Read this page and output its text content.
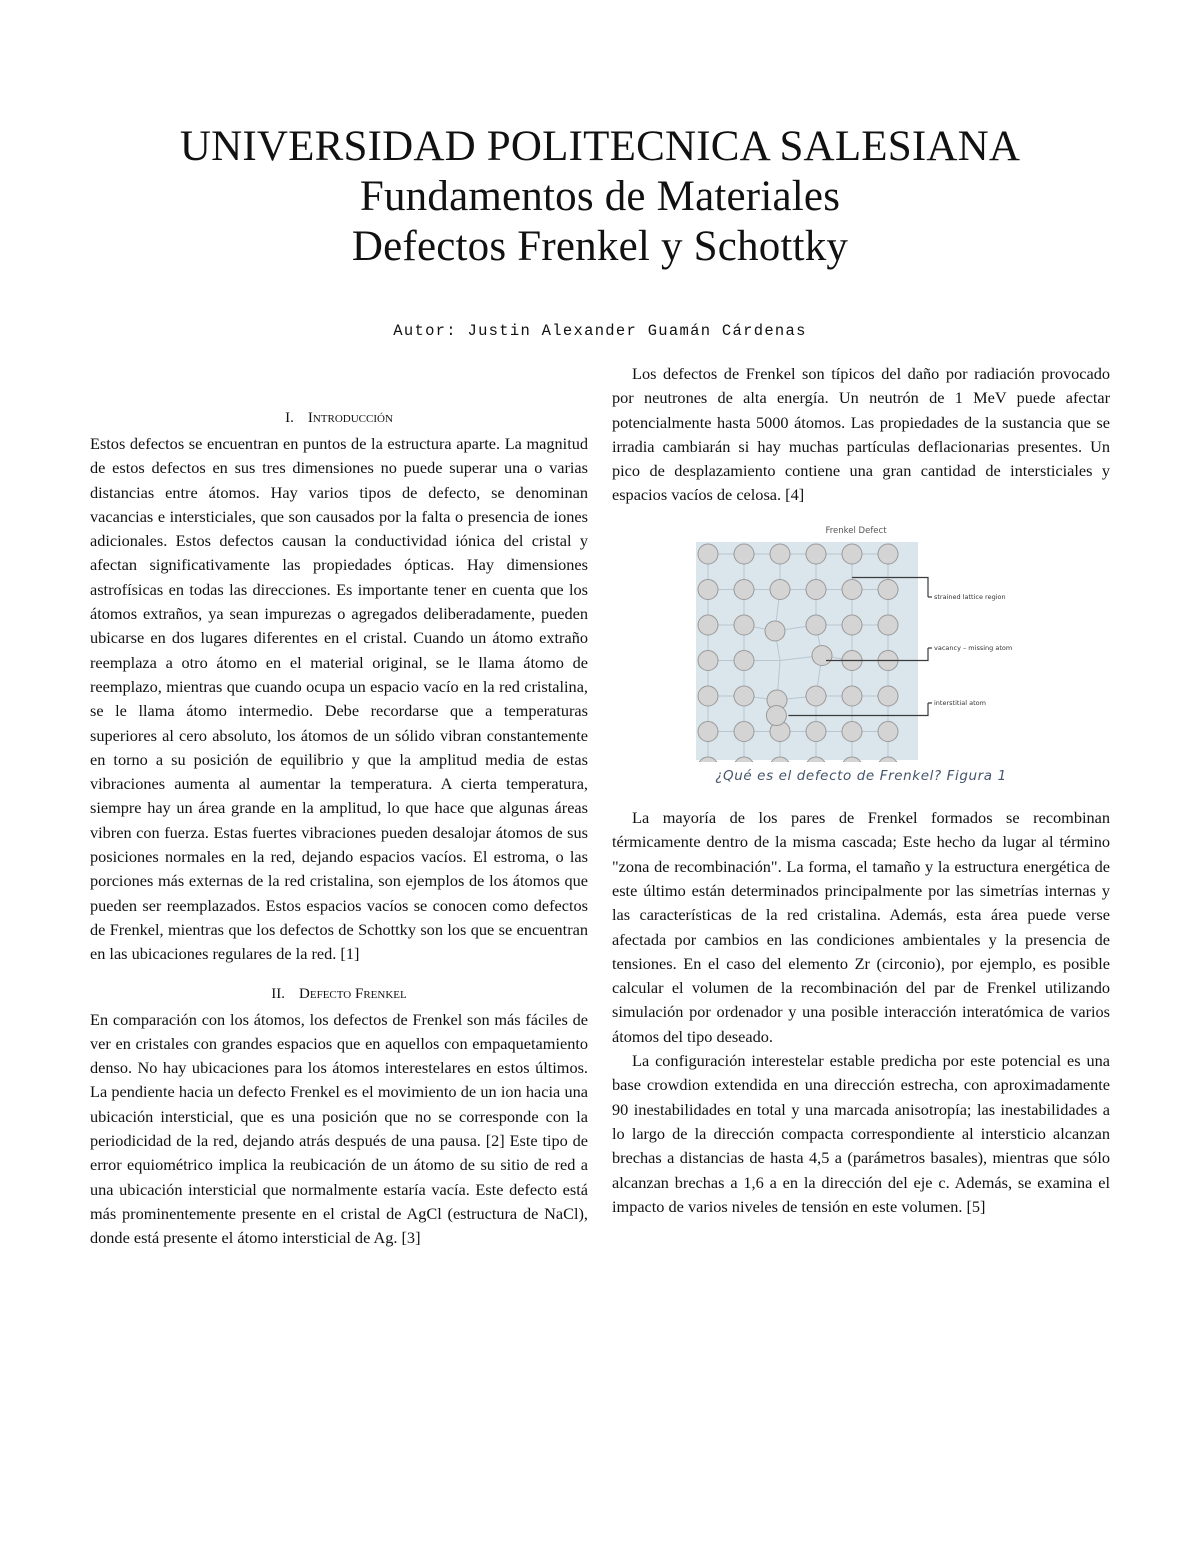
UNIVERSIDAD POLITECNICA SALESIANA
Fundamentos de Materiales
Defectos Frenkel y Schottky
Autor: Justin Alexander Guamán Cárdenas
I. Introducción

Estos defectos se encuentran en puntos de la estructura aparte. La magnitud de estos defectos en sus tres dimensiones no puede superar una o varias distancias entre átomos. Hay varios tipos de defecto, se denominan vacancias e intersticiales, que son causados por la falta o presencia de iones adicionales. Estos defectos causan la conductividad iónica del cristal y afectan significativamente las propiedades ópticas. Hay dimensiones astrofísicas en todas las direcciones. Es importante tener en cuenta que los átomos extraños, ya sean impurezas o agregados deliberadamente, pueden ubicarse en dos lugares diferentes en el cristal. Cuando un átomo extraño reemplaza a otro átomo en el material original, se le llama átomo de reemplazo, mientras que cuando ocupa un espacio vacío en la red cristalina, se le llama átomo intermedio. Debe recordarse que a temperaturas superiores al cero absoluto, los átomos de un sólido vibran constantemente en torno a su posición de equilibrio y que la amplitud media de estas vibraciones aumenta al aumentar la temperatura. A cierta temperatura, siempre hay un área grande en la amplitud, lo que hace que algunas áreas vibren con fuerza. Estas fuertes vibraciones pueden desalojar átomos de sus posiciones normales en la red, dejando espacios vacíos. El estroma, o las porciones más externas de la red cristalina, son ejemplos de los átomos que pueden ser reemplazados. Estos espacios vacíos se conocen como defectos de Frenkel, mientras que los defectos de Schottky son los que se encuentran en las ubicaciones regulares de la red. [1]

II. Defecto Frenkel

En comparación con los átomos, los defectos de Frenkel son más fáciles de ver en cristales con grandes espacios que en aquellos con empaquetamiento denso. No hay ubicaciones para los átomos interestelares en estos últimos. La pendiente hacia un defecto Frenkel es el movimiento de un ion hacia una ubicación intersticial, que es una posición que no se corresponde con la periodicidad de la red, dejando atrás después de una pausa. [2] Este tipo de error equiométrico implica la reubicación de un átomo de su sitio de red a una ubicación intersticial que normalmente estaría vacía. Este defecto está más prominentemente presente en el cristal de AgCl (estructura de NaCl), donde está presente el átomo intersticial de Ag. [3]

Los defectos de Frenkel son típicos del daño por radiación provocado por neutrones de alta energía. Un neutrón de 1 MeV puede afectar potencialmente hasta 5000 átomos. Las propiedades de la sustancia que se irradia cambiarán si hay muchas partículas deflacionarias presentes. Un pico de desplazamiento contiene una gran cantidad de intersticiales y espacios vacíos de celosa. [4]

Frenkel Defect
strained lattice region
vacancy – missing atom
interstitial atom
¿Qué es el defecto de Frenkel? Figura 1

La mayoría de los pares de Frenkel formados se recombinan térmicamente dentro de la misma cascada; Este hecho da lugar al término "zona de recombinación". La forma, el tamaño y la estructura energética de este último están determinados principalmente por las simetrías internas y las características de la red cristalina. Además, esta área puede verse afectada por cambios en las condiciones ambientales y la presencia de tensiones. En el caso del elemento Zr (circonio), por ejemplo, es posible calcular el volumen de la recombinación del par de Frenkel utilizando simulación por ordenador y una posible interacción interatómica de varios átomos del tipo deseado.

La configuración interestelar estable predicha por este potencial es una base crowdion extendida en una dirección estrecha, con aproximadamente 90 inestabilidades en total y una marcada anisotropía; las inestabilidades a lo largo de la dirección compacta correspondiente al intersticio alcanzan brechas a distancias de hasta 4,5 a (parámetros basales), mientras que sólo alcanzan brechas a 1,6 a en la dirección del eje c. Además, se examina el impacto de varios niveles de tensión en este volumen. [5]
